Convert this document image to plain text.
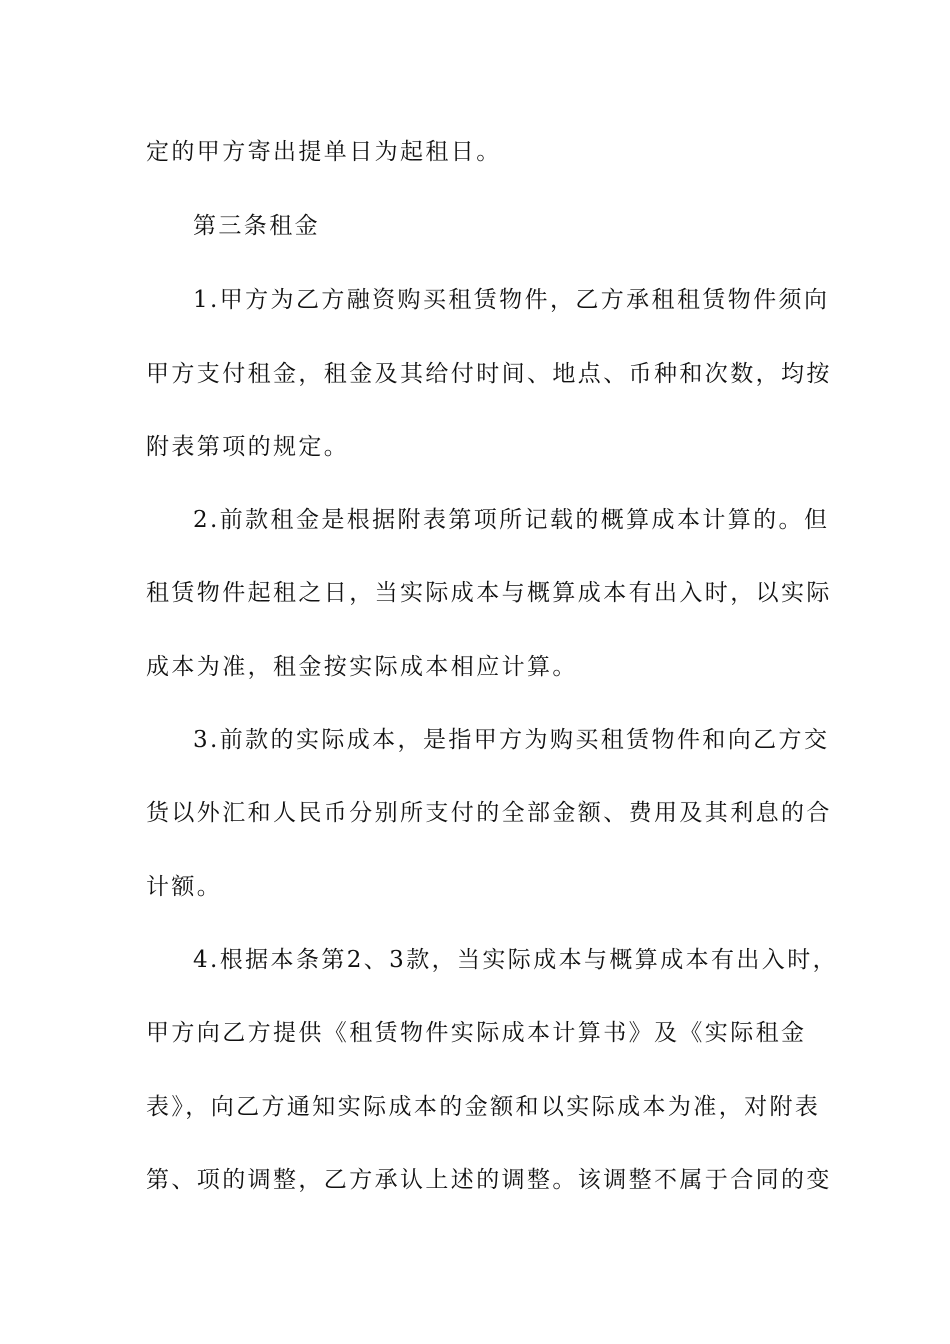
定的甲方寄出提单日为起租日。
第三条租金
1.甲方为乙方融资购买租赁物件，乙方承租租赁物件须向
甲方支付租金，租金及其给付时间、地点、币种和次数，均按
附表第项的规定。
2.前款租金是根据附表第项所记载的概算成本计算的。但
租赁物件起租之日，当实际成本与概算成本有出入时，以实际
成本为准，租金按实际成本相应计算。
3.前款的实际成本，是指甲方为购买租赁物件和向乙方交
货以外汇和人民币分别所支付的全部金额、费用及其利息的合
计额。
4.根据本条第2、3款，当实际成本与概算成本有出入时，
甲方向乙方提供《租赁物件实际成本计算书》及《实际租金
表》，向乙方通知实际成本的金额和以实际成本为准，对附表
第、项的调整，乙方承认上述的调整。该调整不属于合同的变
